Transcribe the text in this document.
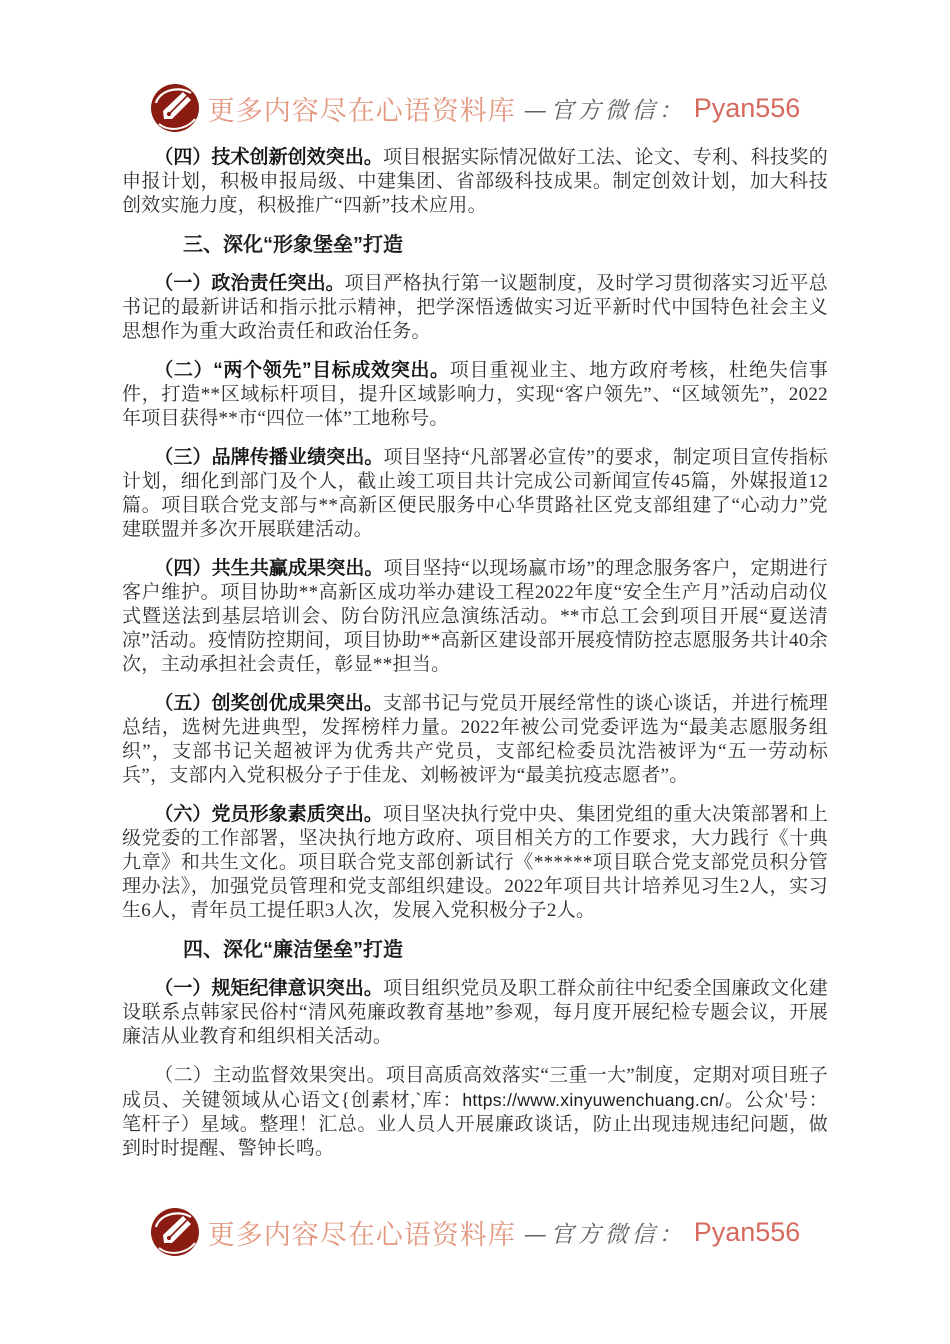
更多内容尽在心语资料库 —官方微信： Pyan556

（四）技术创新创效突出。项目根据实际情况做好工法、论文、专利、科技奖的申报计划，积极申报局级、中建集团、省部级科技成果。制定创效计划，加大科技创效实施力度，积极推广“四新”技术应用。

三、深化“形象堡垒”打造

（一）政治责任突出。项目严格执行第一议题制度，及时学习贯彻落实习近平总书记的最新讲话和指示批示精神，把学深悟透做实习近平新时代中国特色社会主义思想作为重大政治责任和政治任务。

（二）“两个领先”目标成效突出。项目重视业主、地方政府考核，杜绝失信事件，打造**区域标杆项目，提升区域影响力，实现“客户领先”、“区域领先”，2022年项目获得**市“四位一体”工地称号。

（三）品牌传播业绩突出。项目坚持“凡部署必宣传”的要求，制定项目宣传指标计划，细化到部门及个人，截止竣工项目共计完成公司新闻宣传45篇，外媒报道12篇。项目联合党支部与**高新区便民服务中心华贯路社区党支部组建了“心动力”党建联盟并多次开展联建活动。

（四）共生共赢成果突出。项目坚持“以现场赢市场”的理念服务客户，定期进行客户维护。项目协助**高新区成功举办建设工程2022年度“安全生产月”活动启动仪式暨送法到基层培训会、防台防汛应急演练活动。**市总工会到项目开展“夏送清凉”活动。疫情防控期间，项目协助**高新区建设部开展疫情防控志愿服务共计40余次，主动承担社会责任，彰显**担当。

（五）创奖创优成果突出。支部书记与党员开展经常性的谈心谈话，并进行梳理总结，选树先进典型，发挥榜样力量。2022年被公司党委评选为“最美志愿服务组织”，支部书记关超被评为优秀共产党员，支部纪检委员沈浩被评为“五一劳动标兵”，支部内入党积极分子于佳龙、刘畅被评为“最美抗疫志愿者”。

（六）党员形象素质突出。项目坚决执行党中央、集团党组的重大决策部署和上级党委的工作部署，坚决执行地方政府、项目相关方的工作要求，大力践行《十典九章》和共生文化。项目联合党支部创新试行《******项目联合党支部党员积分管理办法》，加强党员管理和党支部组织建设。2022年项目共计培养见习生2人，实习生6人，青年员工提任职3人次，发展入党积极分子2人。

四、深化“廉洁堡垒”打造

（一）规矩纪律意识突出。项目组织党员及职工群众前往中纪委全国廉政文化建设联系点韩家民俗村“清风苑廉政教育基地”参观，每月度开展纪检专题会议，开展廉洁从业教育和组织相关活动。

（二）主动监督效果突出。项目高质高效落实“三重一大”制度，定期对项目班子成员、关键领域从心语文{创素材,`库：https://www.xinyuwenchuang.cn/。公众'号：笔杆子）星域。整理！汇总。业人员人开展廉政谈话，防止出现违规违纪问题，做到时时提醒、警钟长鸣。

更多内容尽在心语资料库 —官方微信： Pyan556
